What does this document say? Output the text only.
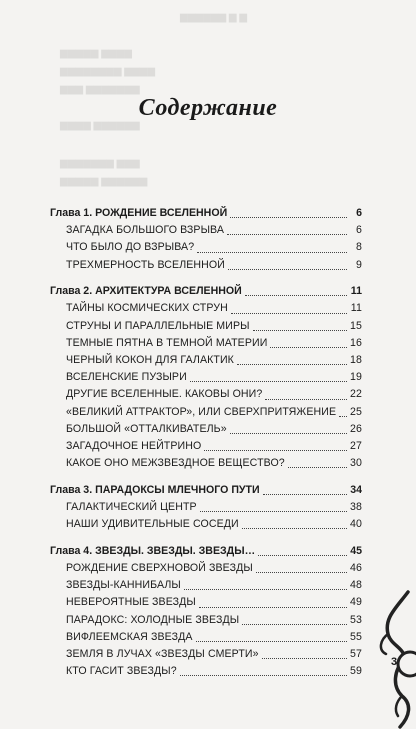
▆▆▆▆▆▆ ▆ ▆
▆▆▆▆▆ ▆▆▆▆
▆▆▆▆▆▆▆▆ ▆▆▆▆
▆▆▆ ▆▆▆▆▆▆▆
▆▆▆▆ ▆▆▆▆▆▆
▆▆▆▆▆▆▆ ▆▆▆
▆▆▆▆▆ ▆▆▆▆▆▆
Содержание
Глава 1. РОЖДЕНИЕ ВСЕЛЕННОЙ	6
ЗАГАДКА БОЛЬШОГО ВЗРЫВА	6
ЧТО БЫЛО ДО ВЗРЫВА?	8
ТРЕХМЕРНОСТЬ ВСЕЛЕННОЙ	9
Глава 2. АРХИТЕКТУРА ВСЕЛЕННОЙ	11
ТАЙНЫ КОСМИЧЕСКИХ СТРУН	11
СТРУНЫ И ПАРАЛЛЕЛЬНЫЕ МИРЫ	15
ТЕМНЫЕ ПЯТНА В ТЕМНОЙ МАТЕРИИ	16
ЧЕРНЫЙ КОКОН ДЛЯ ГАЛАКТИК	18
ВСЕЛЕНСКИЕ ПУЗЫРИ	19
ДРУГИЕ ВСЕЛЕННЫЕ. КАКОВЫ ОНИ?	22
«ВЕЛИКИЙ АТТРАКТОР», ИЛИ СВЕРХПРИТЯЖЕНИЕ 25
БОЛЬШОЙ «ОТТАЛКИВАТЕЛЬ»	26
ЗАГАДОЧНОЕ НЕЙТРИНО	27
КАКОЕ ОНО МЕЖЗВЕЗДНОЕ ВЕЩЕСТВО?	30
Глава 3. ПАРАДОКСЫ МЛЕЧНОГО ПУТИ	34
ГАЛАКТИЧЕСКИЙ ЦЕНТР	38
НАШИ УДИВИТЕЛЬНЫЕ СОСЕДИ	40
Глава 4. ЗВЕЗДЫ. ЗВЕЗДЫ. ЗВЕЗДЫ…	45
РОЖДЕНИЕ СВЕРХНОВОЙ ЗВЕЗДЫ	46
ЗВЕЗДЫ-КАННИБАЛЫ	48
НЕВЕРОЯТНЫЕ ЗВЕЗДЫ	49
ПАРАДОКС: ХОЛОДНЫЕ ЗВЕЗДЫ	53
ВИФЛЕЕМСКАЯ ЗВЕЗДА	55
ЗЕМЛЯ В ЛУЧАХ «ЗВЕЗДЫ СМЕРТИ»	57
КТО ГАСИТ ЗВЕЗДЫ?	59
3
